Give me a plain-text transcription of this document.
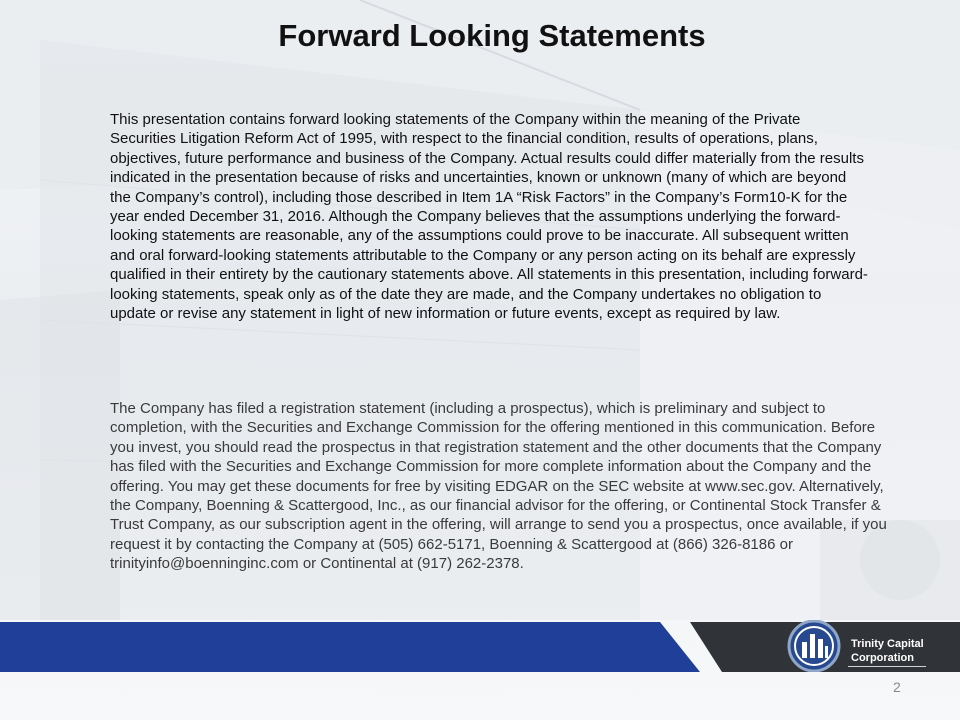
Forward Looking Statements

This presentation contains forward looking statements of the Company within the meaning of the Private Securities Litigation Reform Act of 1995, with respect to the financial condition, results of operations, plans, objectives, future performance and business of the Company. Actual results could differ materially from the results indicated in the presentation because of risks and uncertainties, known or unknown (many of which are beyond the Company’s control), including those described in Item 1A “Risk Factors” in the Company’s Form10-K for the year ended December 31, 2016. Although the Company believes that the assumptions underlying the forward-looking statements are reasonable, any of the assumptions could prove to be inaccurate. All subsequent written and oral forward-looking statements attributable to the Company or any person acting on its behalf are expressly qualified in their entirety by the cautionary statements above. All statements in this presentation, including forward-looking statements, speak only as of the date they are made, and the Company undertakes no obligation to update or revise any statement in light of new information or future events, except as required by law.

The Company has filed a registration statement (including a prospectus), which is preliminary and subject to completion, with the Securities and Exchange Commission for the offering mentioned in this communication. Before you invest, you should read the prospectus in that registration statement and the other documents that the Company has filed with the Securities and Exchange Commission for more complete information about the Company and the offering. You may get these documents for free by visiting EDGAR on the SEC website at www.sec.gov. Alternatively, the Company, Boenning & Scattergood, Inc., as our financial advisor for the offering, or Continental Stock Transfer & Trust Company, as our subscription agent in the offering, will arrange to send you a prospectus, once available, if you request it by contacting the Company at (505) 662-5171, Boenning & Scattergood at (866) 326-8186 or trinityinfo@boenninginc.com or Continental at (917) 262-2378.

Trinity Capital
Corporation
2
